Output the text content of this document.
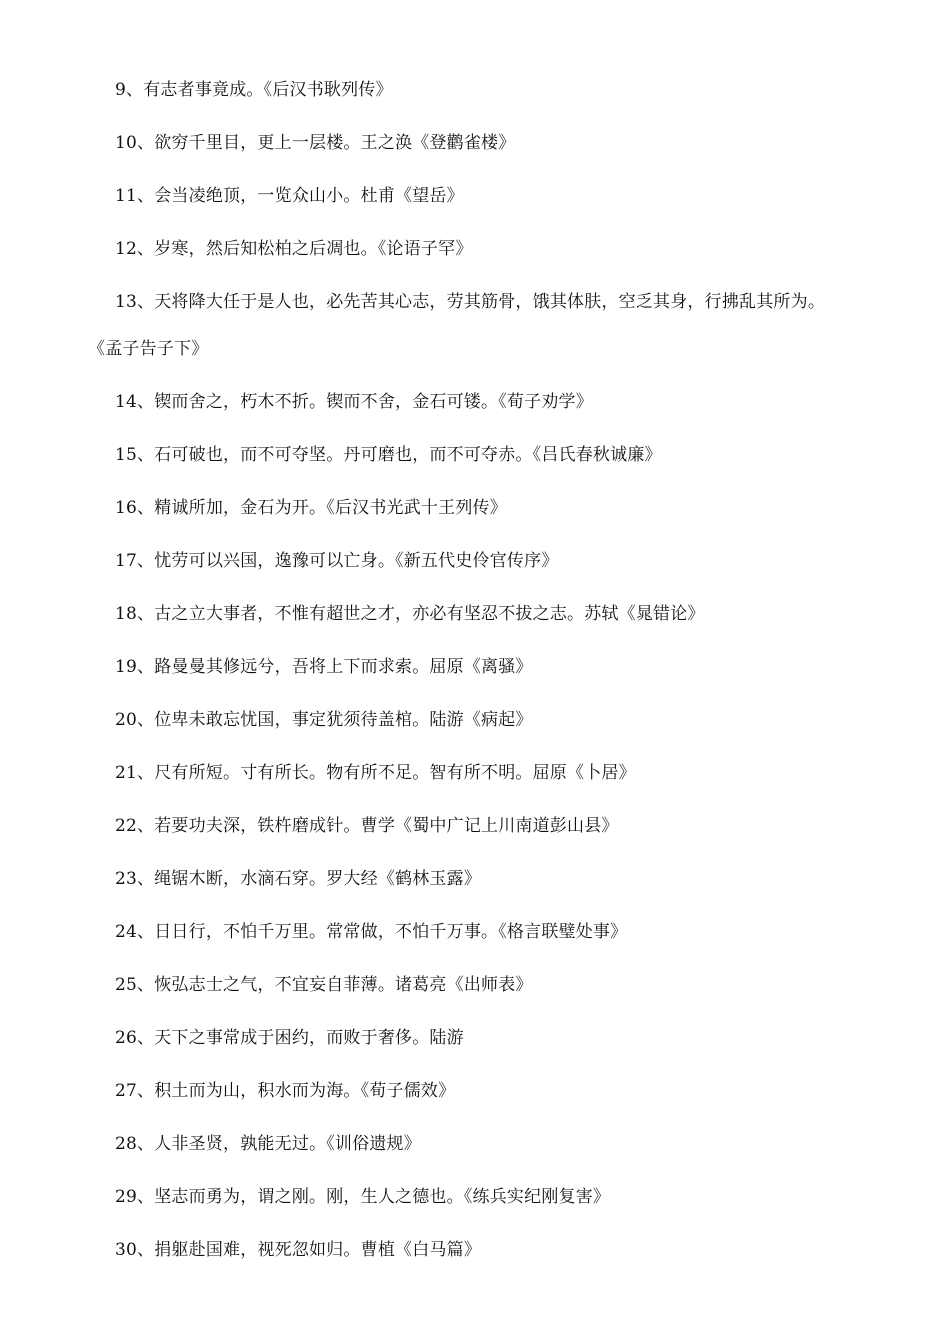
9、有志者事竟成。《后汉书耿列传》
10、欲穷千里目，更上一层楼。王之涣《登鹳雀楼》
11、会当凌绝顶，一览众山小。杜甫《望岳》
12、岁寒，然后知松柏之后凋也。《论语子罕》
13、天将降大任于是人也，必先苦其心志，劳其筋骨，饿其体肤，空乏其身，行拂乱其所为。
《孟子告子下》
14、锲而舍之，朽木不折。锲而不舍，金石可镂。《荀子劝学》
15、石可破也，而不可夺坚。丹可磨也，而不可夺赤。《吕氏春秋诚廉》
16、精诚所加，金石为开。《后汉书光武十王列传》
17、忧劳可以兴国，逸豫可以亡身。《新五代史伶官传序》
18、古之立大事者，不惟有超世之才，亦必有坚忍不拔之志。苏轼《晁错论》
19、路曼曼其修远兮，吾将上下而求索。屈原《离骚》
20、位卑未敢忘忧国，事定犹须待盖棺。陆游《病起》
21、尺有所短。寸有所长。物有所不足。智有所不明。屈原《卜居》
22、若要功夫深，铁杵磨成针。曹学《蜀中广记上川南道彭山县》
23、绳锯木断，水滴石穿。罗大经《鹤林玉露》
24、日日行，不怕千万里。常常做，不怕千万事。《格言联璧处事》
25、恢弘志士之气，不宜妄自菲薄。诸葛亮《出师表》
26、天下之事常成于困约，而败于奢侈。陆游
27、积土而为山，积水而为海。《荀子儒效》
28、人非圣贤，孰能无过。《训俗遗规》
29、坚志而勇为，谓之刚。刚，生人之德也。《练兵实纪刚复害》
30、捐躯赴国难，视死忽如归。曹植《白马篇》
